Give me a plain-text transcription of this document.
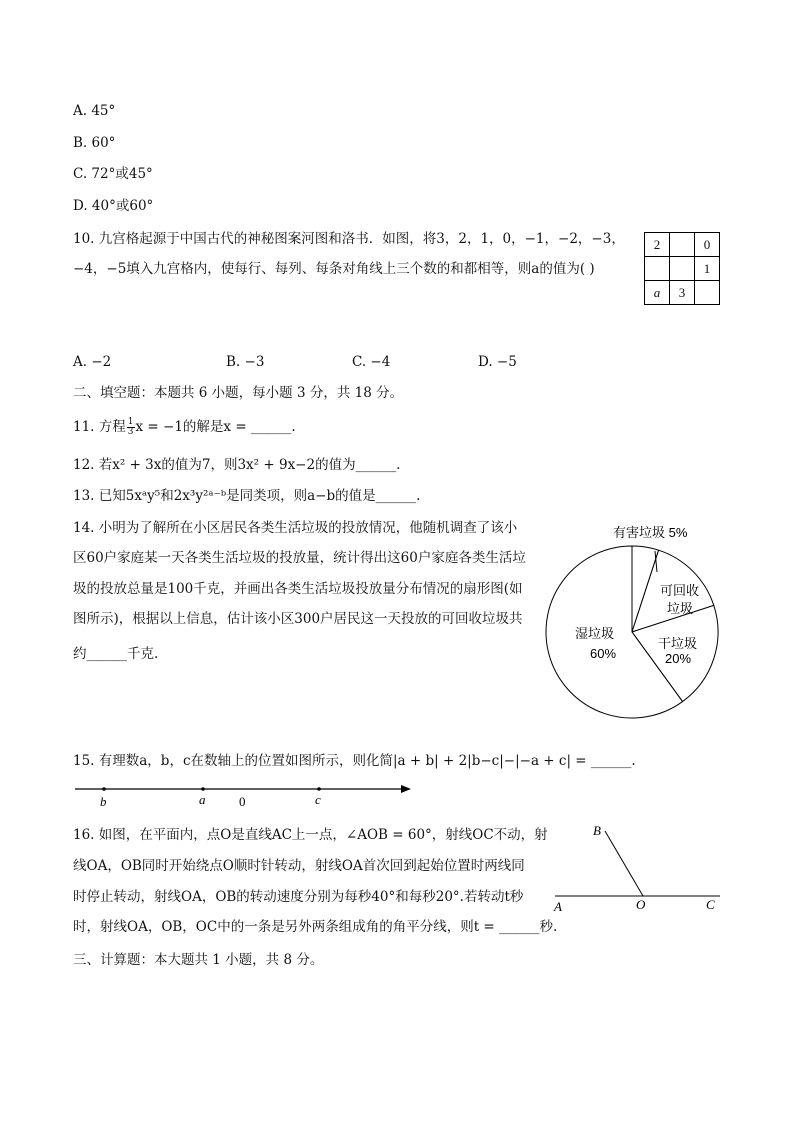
A. 45°
B. 60°
C. 72°或45°
D. 40°或60°
10. 九宫格起源于中国古代的神秘图案河图和洛书．如图，将3，2，1，0，−1，−2，−3，
−4，−5填入九宫格内，使每行、每列、每条对角线上三个数的和都相等，则a的值为( )
2		0
		1
a	3	
A. −2	B. −3	C. −4	D. −5
二、填空题：本题共 6 小题，每小题 3 分，共 18 分。
11. 方程 $\frac{1}{3}$ x = −1的解是x = ______.
12. 若x² + 3x的值为7，则3x² + 9x−2的值为______.
13. 已知5xᵃy⁵和2x³y²ᵃ⁻ᵇ是同类项，则a−b的值是______.
14. 小明为了解所在小区居民各类生活垃圾的投放情况，他随机调查了该小
区60户家庭某一天各类生活垃圾的投放量，统计得出这60户家庭各类生活垃
圾的投放总量是100千克，并画出各类生活垃圾投放量分布情况的扇形图(如
图所示)，根据以上信息，估计该小区300户居民这一天投放的可回收垃圾共
约______千克.
有害垃圾 5%
湿垃圾
60%
干垃圾
20%
可回收
垃圾
15. 有理数a，b，c在数轴上的位置如图所示，则化简|a + b| + 2|b−c|−|−a + c| = ______.
b	a	0	c
16. 如图，在平面内，点O是直线AC上一点，∠AOB = 60°，射线OC不动，射
线OA，OB同时开始绕点O顺时针转动，射线OA首次回到起始位置时两线同
时停止转动，射线OA，OB的转动速度分别为每秒40°和每秒20°.若转动t秒
时，射线OA，OB，OC中的一条是另外两条组成角的角平分线，则t = ______秒.
B
A	O	C
三、计算题：本大题共 1 小题，共 8 分。
